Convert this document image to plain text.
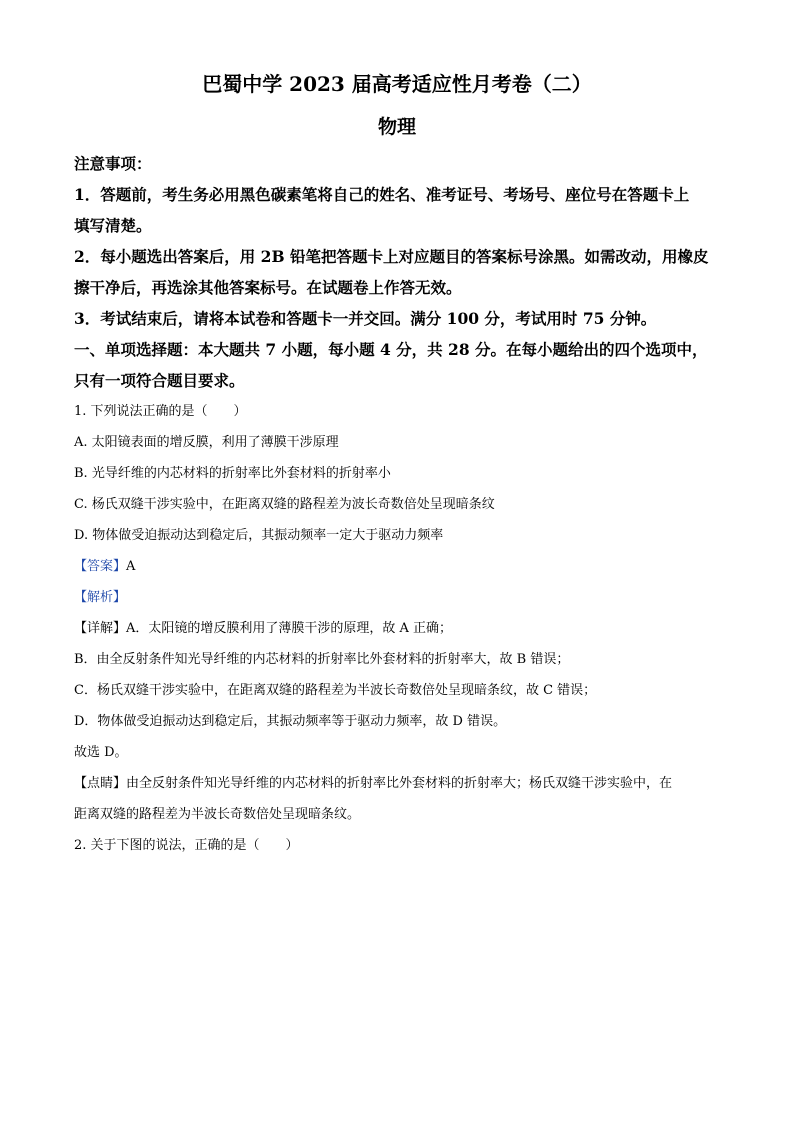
巴蜀中学 2023 届高考适应性月考卷（二）
物理
注意事项：
1．答题前，考生务必用黑色碳素笔将自己的姓名、准考证号、考场号、座位号在答题卡上
填写清楚。
2．每小题选出答案后，用 2B 铅笔把答题卡上对应题目的答案标号涂黑。如需改动，用橡皮
擦干净后，再选涂其他答案标号。在试题卷上作答无效。
3．考试结束后，请将本试卷和答题卡一并交回。满分 100 分，考试用时 75 分钟。
一、单项选择题：本大题共 7 小题，每小题 4 分，共 28 分。在每小题给出的四个选项中，
只有一项符合题目要求。
1. 下列说法正确的是（　　）
A. 太阳镜表面的增反膜，利用了薄膜干涉原理
B. 光导纤维的内芯材料的折射率比外套材料的折射率小
C. 杨氏双缝干涉实验中，在距离双缝的路程差为波长奇数倍处呈现暗条纹
D. 物体做受迫振动达到稳定后，其振动频率一定大于驱动力频率
【答案】A
【解析】
【详解】A．太阳镜的增反膜利用了薄膜干涉的原理，故 A 正确；
B．由全反射条件知光导纤维的内芯材料的折射率比外套材料的折射率大，故 B 错误；
C．杨氏双缝干涉实验中，在距离双缝的路程差为半波长奇数倍处呈现暗条纹，故 C 错误；
D．物体做受迫振动达到稳定后，其振动频率等于驱动力频率，故 D 错误。
故选 D。
【点睛】由全反射条件知光导纤维的内芯材料的折射率比外套材料的折射率大；杨氏双缝干涉实验中，在
距离双缝的路程差为半波长奇数倍处呈现暗条纹。
2. 关于下图的说法，正确的是（　　）
